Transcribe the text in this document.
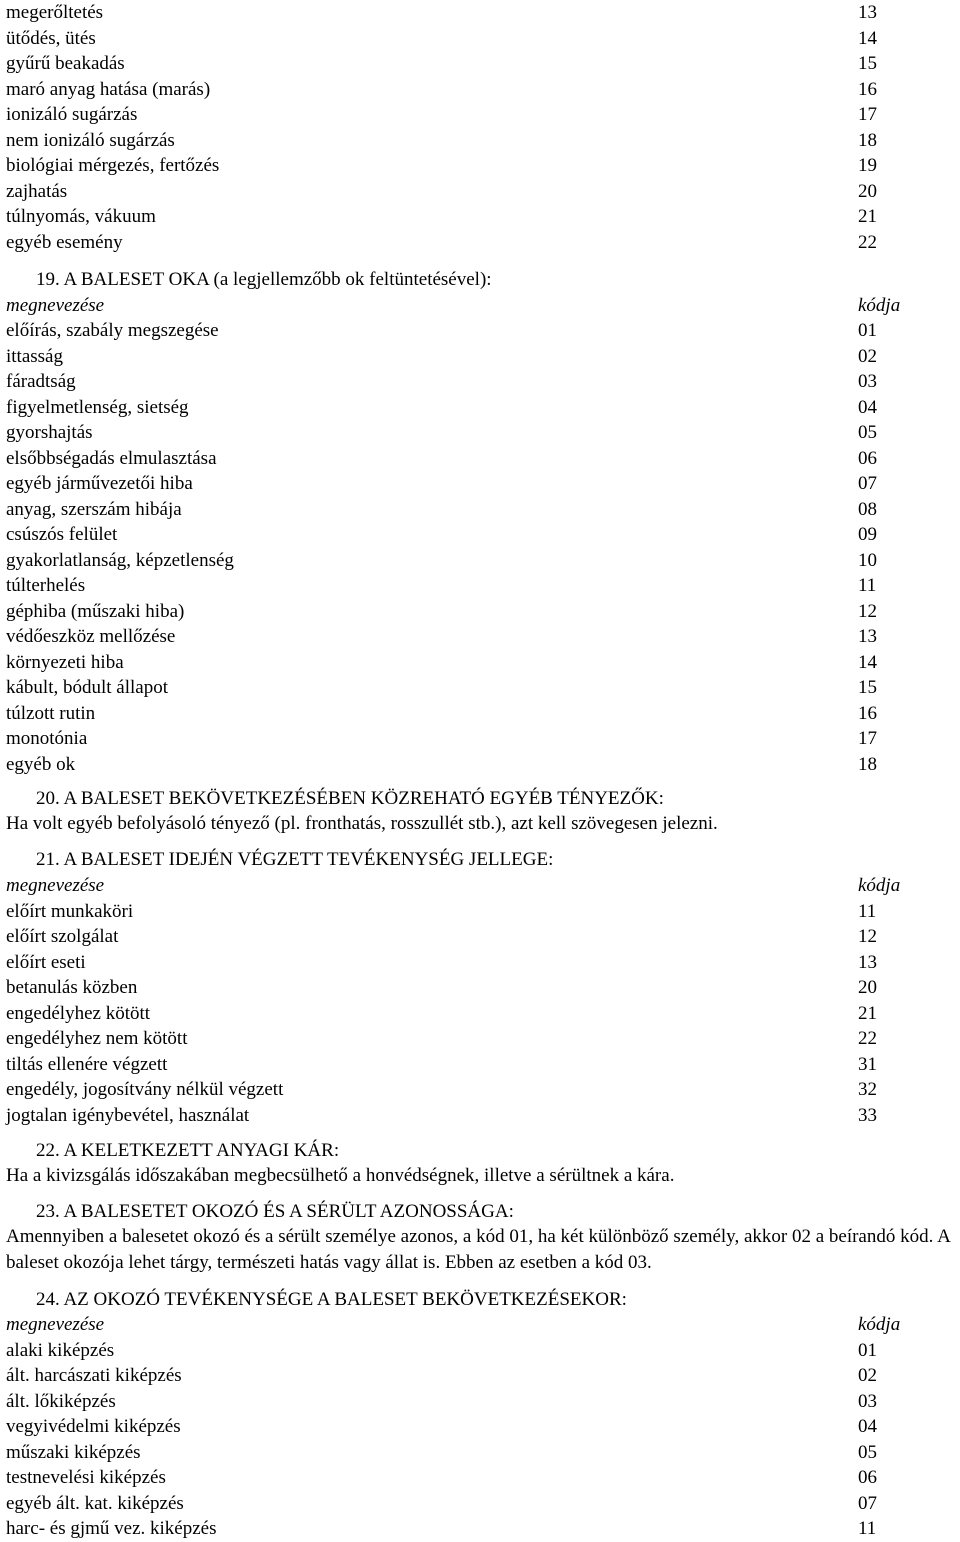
megerőltetés	13
ütődés, ütés	14
gyűrű beakadás	15
maró anyag hatása (marás)	16
ionizáló sugárzás	17
nem ionizáló sugárzás	18
biológiai mérgezés, fertőzés	19
zajhatás	20
túlnyomás, vákuum	21
egyéb esemény	22
19. A BALESET OKA (a legjellemzőbb ok feltüntetésével):
megnevezése	kódja
előírás, szabály megszegése	01
ittasság	02
fáradtság	03
figyelmetlenség, sietség	04
gyorshajtás	05
elsőbbségadás elmulasztása	06
egyéb járművezetői hiba	07
anyag, szerszám hibája	08
csúszós felület	09
gyakorlatlanság, képzetlenség	10
túlterhelés	11
géphiba (műszaki hiba)	12
védőeszköz mellőzése	13
környezeti hiba	14
kábult, bódult állapot	15
túlzott rutin	16
monotónia	17
egyéb ok	18
20. A BALESET BEKÖVETKEZÉSÉBEN KÖZREHATÓ EGYÉB TÉNYEZŐK:
Ha volt egyéb befolyásoló tényező (pl. fronthatás, rosszullét stb.), azt kell szövegesen jelezni.
21. A BALESET IDEJÉN VÉGZETT TEVÉKENYSÉG JELLEGE:
megnevezése	kódja
előírt munkaköri	11
előírt szolgálat	12
előírt eseti	13
betanulás közben	20
engedélyhez kötött	21
engedélyhez nem kötött	22
tiltás ellenére végzett	31
engedély, jogosítvány nélkül végzett	32
jogtalan igénybevétel, használat	33
22. A KELETKEZETT ANYAGI KÁR:
Ha a kivizsgálás időszakában megbecsülhető a honvédségnek, illetve a sérültnek a kára.
23. A BALESETET OKOZÓ ÉS A SÉRÜLT AZONOSSÁGA:
Amennyiben a balesetet okozó és a sérült személye azonos, a kód 01, ha két különböző személy, akkor 02 a beírandó kód. A baleset okozója lehet tárgy, természeti hatás vagy állat is. Ebben az esetben a kód 03.
24. AZ OKOZÓ TEVÉKENYSÉGE A BALESET BEKÖVETKEZÉSEKOR:
megnevezése	kódja
alaki kiképzés	01
ált. harcászati kiképzés	02
ált. lőkiképzés	03
vegyivédelmi kiképzés	04
műszaki kiképzés	05
testnevelési kiképzés	06
egyéb ált. kat. kiképzés	07
harc- és gjmű vez. kiképzés	11
